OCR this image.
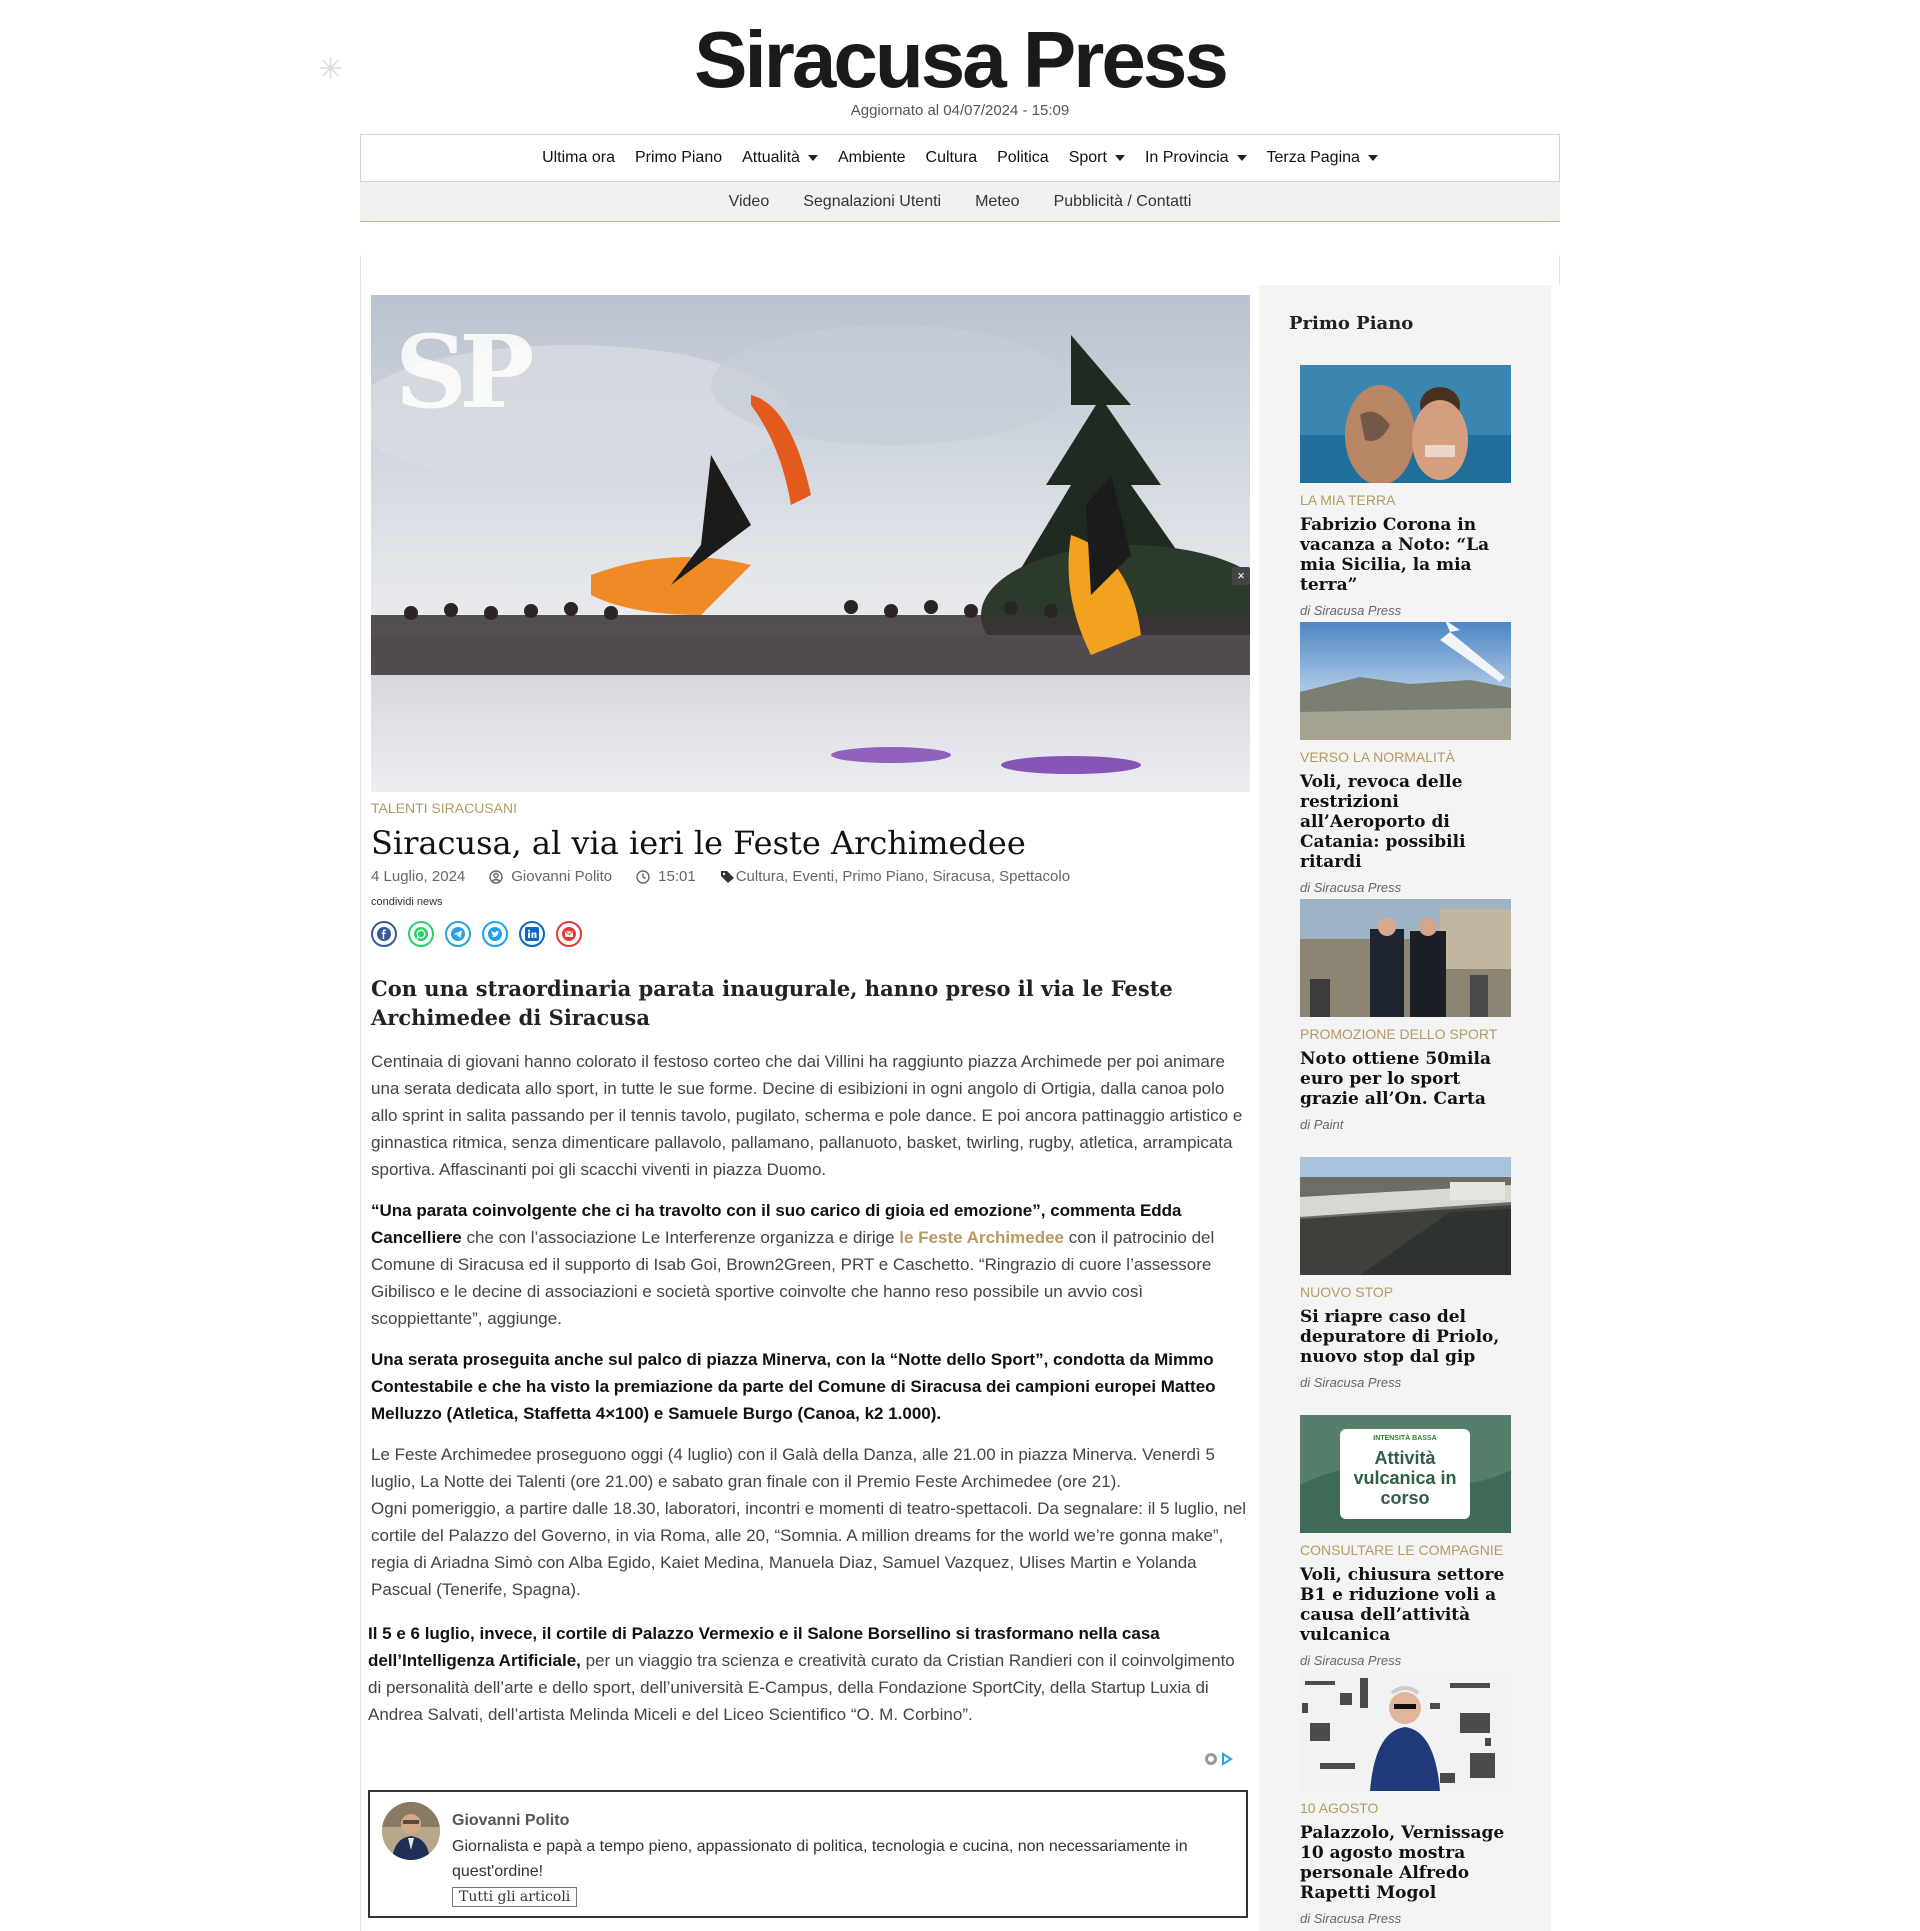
✳	Siracusa Press
Aggiornato al 04/07/2024 - 15:09
Ultima ora Primo Piano Attualità Ambiente Cultura Politica Sport In Provincia Terza Pagina
Video Segnalazioni Utenti Meteo Pubblicità / Contatti
SP
×
TALENTI SIRACUSANI
Siracusa, al via ieri le Feste Archimedee
4 Luglio, 2024	Giovanni Polito	15:01	Cultura, Eventi, Primo Piano, Siracusa, Spettacolo
condividi news
Con una straordinaria parata inaugurale, hanno preso il via le Feste Archimedee di Siracusa

Centinaia di giovani hanno colorato il festoso corteo che dai Villini ha raggiunto piazza Archimede per poi animare una serata dedicata allo sport, in tutte le sue forme. Decine di esibizioni in ogni angolo di Ortigia, dalla canoa polo allo sprint in salita passando per il tennis tavolo, pugilato, scherma e pole dance. E poi ancora pattinaggio artistico e ginnastica ritmica, senza dimenticare pallavolo, pallamano, pallanuoto, basket, twirling, rugby, atletica, arrampicata sportiva. Affascinanti poi gli scacchi viventi in piazza Duomo.

“Una parata coinvolgente che ci ha travolto con il suo carico di gioia ed emozione”, commenta Edda Cancelliere che con l’associazione Le Interferenze organizza e dirige le Feste Archimedee con il patrocinio del Comune di Siracusa ed il supporto di Isab Goi, Brown2Green, PRT e Caschetto. “Ringrazio di cuore l’assessore Gibilisco e le decine di associazioni e società sportive coinvolte che hanno reso possibile un avvio così scoppiettante”, aggiunge.

Una serata proseguita anche sul palco di piazza Minerva, con la “Notte dello Sport”, condotta da Mimmo Contestabile e che ha visto la premiazione da parte del Comune di Siracusa dei campioni europei Matteo Melluzzo (Atletica, Staffetta 4×100) e Samuele Burgo (Canoa, k2 1.000).

Le Feste Archimedee proseguono oggi (4 luglio) con il Galà della Danza, alle 21.00 in piazza Minerva. Venerdì 5 luglio, La Notte dei Talenti (ore 21.00) e sabato gran finale con il Premio Feste Archimedee (ore 21).
Ogni pomeriggio, a partire dalle 18.30, laboratori, incontri e momenti di teatro-spettacoli. Da segnalare: il 5 luglio, nel cortile del Palazzo del Governo, in via Roma, alle 20, “Somnia. A million dreams for the world we’re gonna make”, regia di Ariadna Simò con Alba Egido, Kaiet Medina, Manuela Diaz, Samuel Vazquez, Ulises Martin e Yolanda Pascual (Tenerife, Spagna).

Il 5 e 6 luglio, invece, il cortile di Palazzo Vermexio e il Salone Borsellino si trasformano nella casa dell’Intelligenza Artificiale, per un viaggio tra scienza e creatività curato da Cristian Randieri con il coinvolgimento di personalità dell’arte e dello sport, dell’università E-Campus, della Fondazione SportCity, della Startup Luxia di Andrea Salvati, dell’artista Melinda Miceli e del Liceo Scientifico “O. M. Corbino”.

Giovanni Polito
Giornalista e papà a tempo pieno, appassionato di politica, tecnologia e cucina, non necessariamente in quest'ordine!
Tutti gli articoli
Primo Piano
LA MIA TERRA
Fabrizio Corona in vacanza a Noto: “La mia Sicilia, la mia terra”
di Siracusa Press
VERSO LA NORMALITÀ
Voli, revoca delle restrizioni all’Aeroporto di Catania: possibili ritardi
di Siracusa Press
PROMOZIONE DELLO SPORT
Noto ottiene 50mila euro per lo sport grazie all’On. Carta
di Paint
NUOVO STOP
Si riapre caso del depuratore di Priolo, nuovo stop dal gip
di Siracusa Press
INTENSITÀ BASSA
Attività vulcanica in corso
CONSULTARE LE COMPAGNIE
Voli, chiusura settore B1 e riduzione voli a causa dell’attività vulcanica
di Siracusa Press
10 AGOSTO
Palazzolo, Vernissage 10 agosto mostra personale Alfredo Rapetti Mogol
di Siracusa Press
